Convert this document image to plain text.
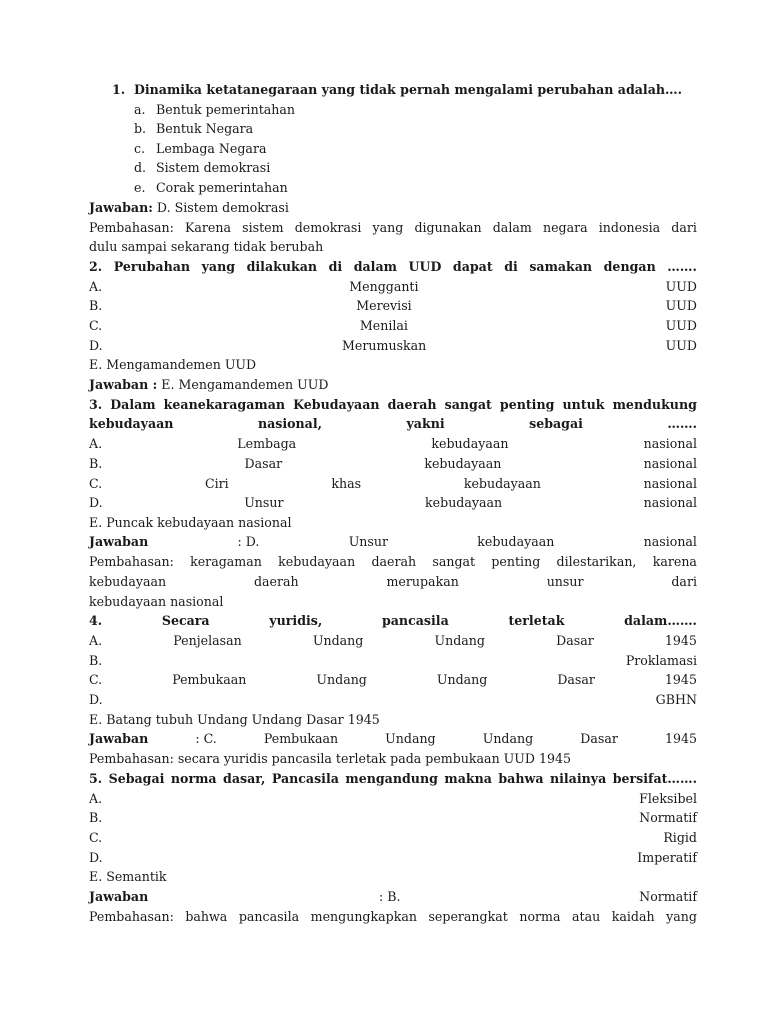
1. Dinamika ketatanegaraan yang tidak pernah mengalami perubahan adalah….
a. Bentuk pemerintahan
b. Bentuk Negara
c. Lembaga Negara
d. Sistem demokrasi
e. Corak pemerintahan
Jawaban: D. Sistem demokrasi
Pembahasan: Karena sistem demokrasi yang digunakan dalam negara indonesia dari
dulu sampai sekarang tidak berubah
2. Perubahan yang dilakukan di dalam UUD dapat di samakan dengan …….
A.	Mengganti	UUD
B.	Merevisi	UUD
C.	Menilai	UUD
D.	Merumuskan	UUD
E. Mengamandemen UUD
Jawaban : E. Mengamandemen UUD
3. Dalam keanekaragaman Kebudayaan daerah sangat penting untuk mendukung
kebudayaan	nasional,	yakni	sebagai	…….
A.	Lembaga	kebudayaan	nasional
B.	Dasar	kebudayaan	nasional
C.	Ciri	khas	kebudayaan	nasional
D.	Unsur	kebudayaan	nasional
E. Puncak kebudayaan nasional
Jawaban	: D.	Unsur	kebudayaan	nasional
Pembahasan: keragaman kebudayaan daerah sangat penting dilestarikan, karena
kebudayaan	daerah	merupakan	unsur	dari
kebudayaan nasional
4.	Secara	yuridis,	pancasila	terletak	dalam…….
A.	Penjelasan	Undang	Undang	Dasar	1945
B.	Proklamasi
C.	Pembukaan	Undang	Undang	Dasar	1945
D.	GBHN
E. Batang tubuh Undang Undang Dasar 1945
Jawaban	: C.	Pembukaan	Undang	Undang	Dasar	1945
Pembahasan: secara yuridis pancasila terletak pada pembukaan UUD 1945
5. Sebagai norma dasar, Pancasila mengandung makna bahwa nilainya bersifat…….
A.	Fleksibel
B.	Normatif
C.	Rigid
D.	Imperatif
E. Semantik
Jawaban	: B.	Normatif
Pembahasan: bahwa pancasila mengungkapkan seperangkat norma atau kaidah yang
